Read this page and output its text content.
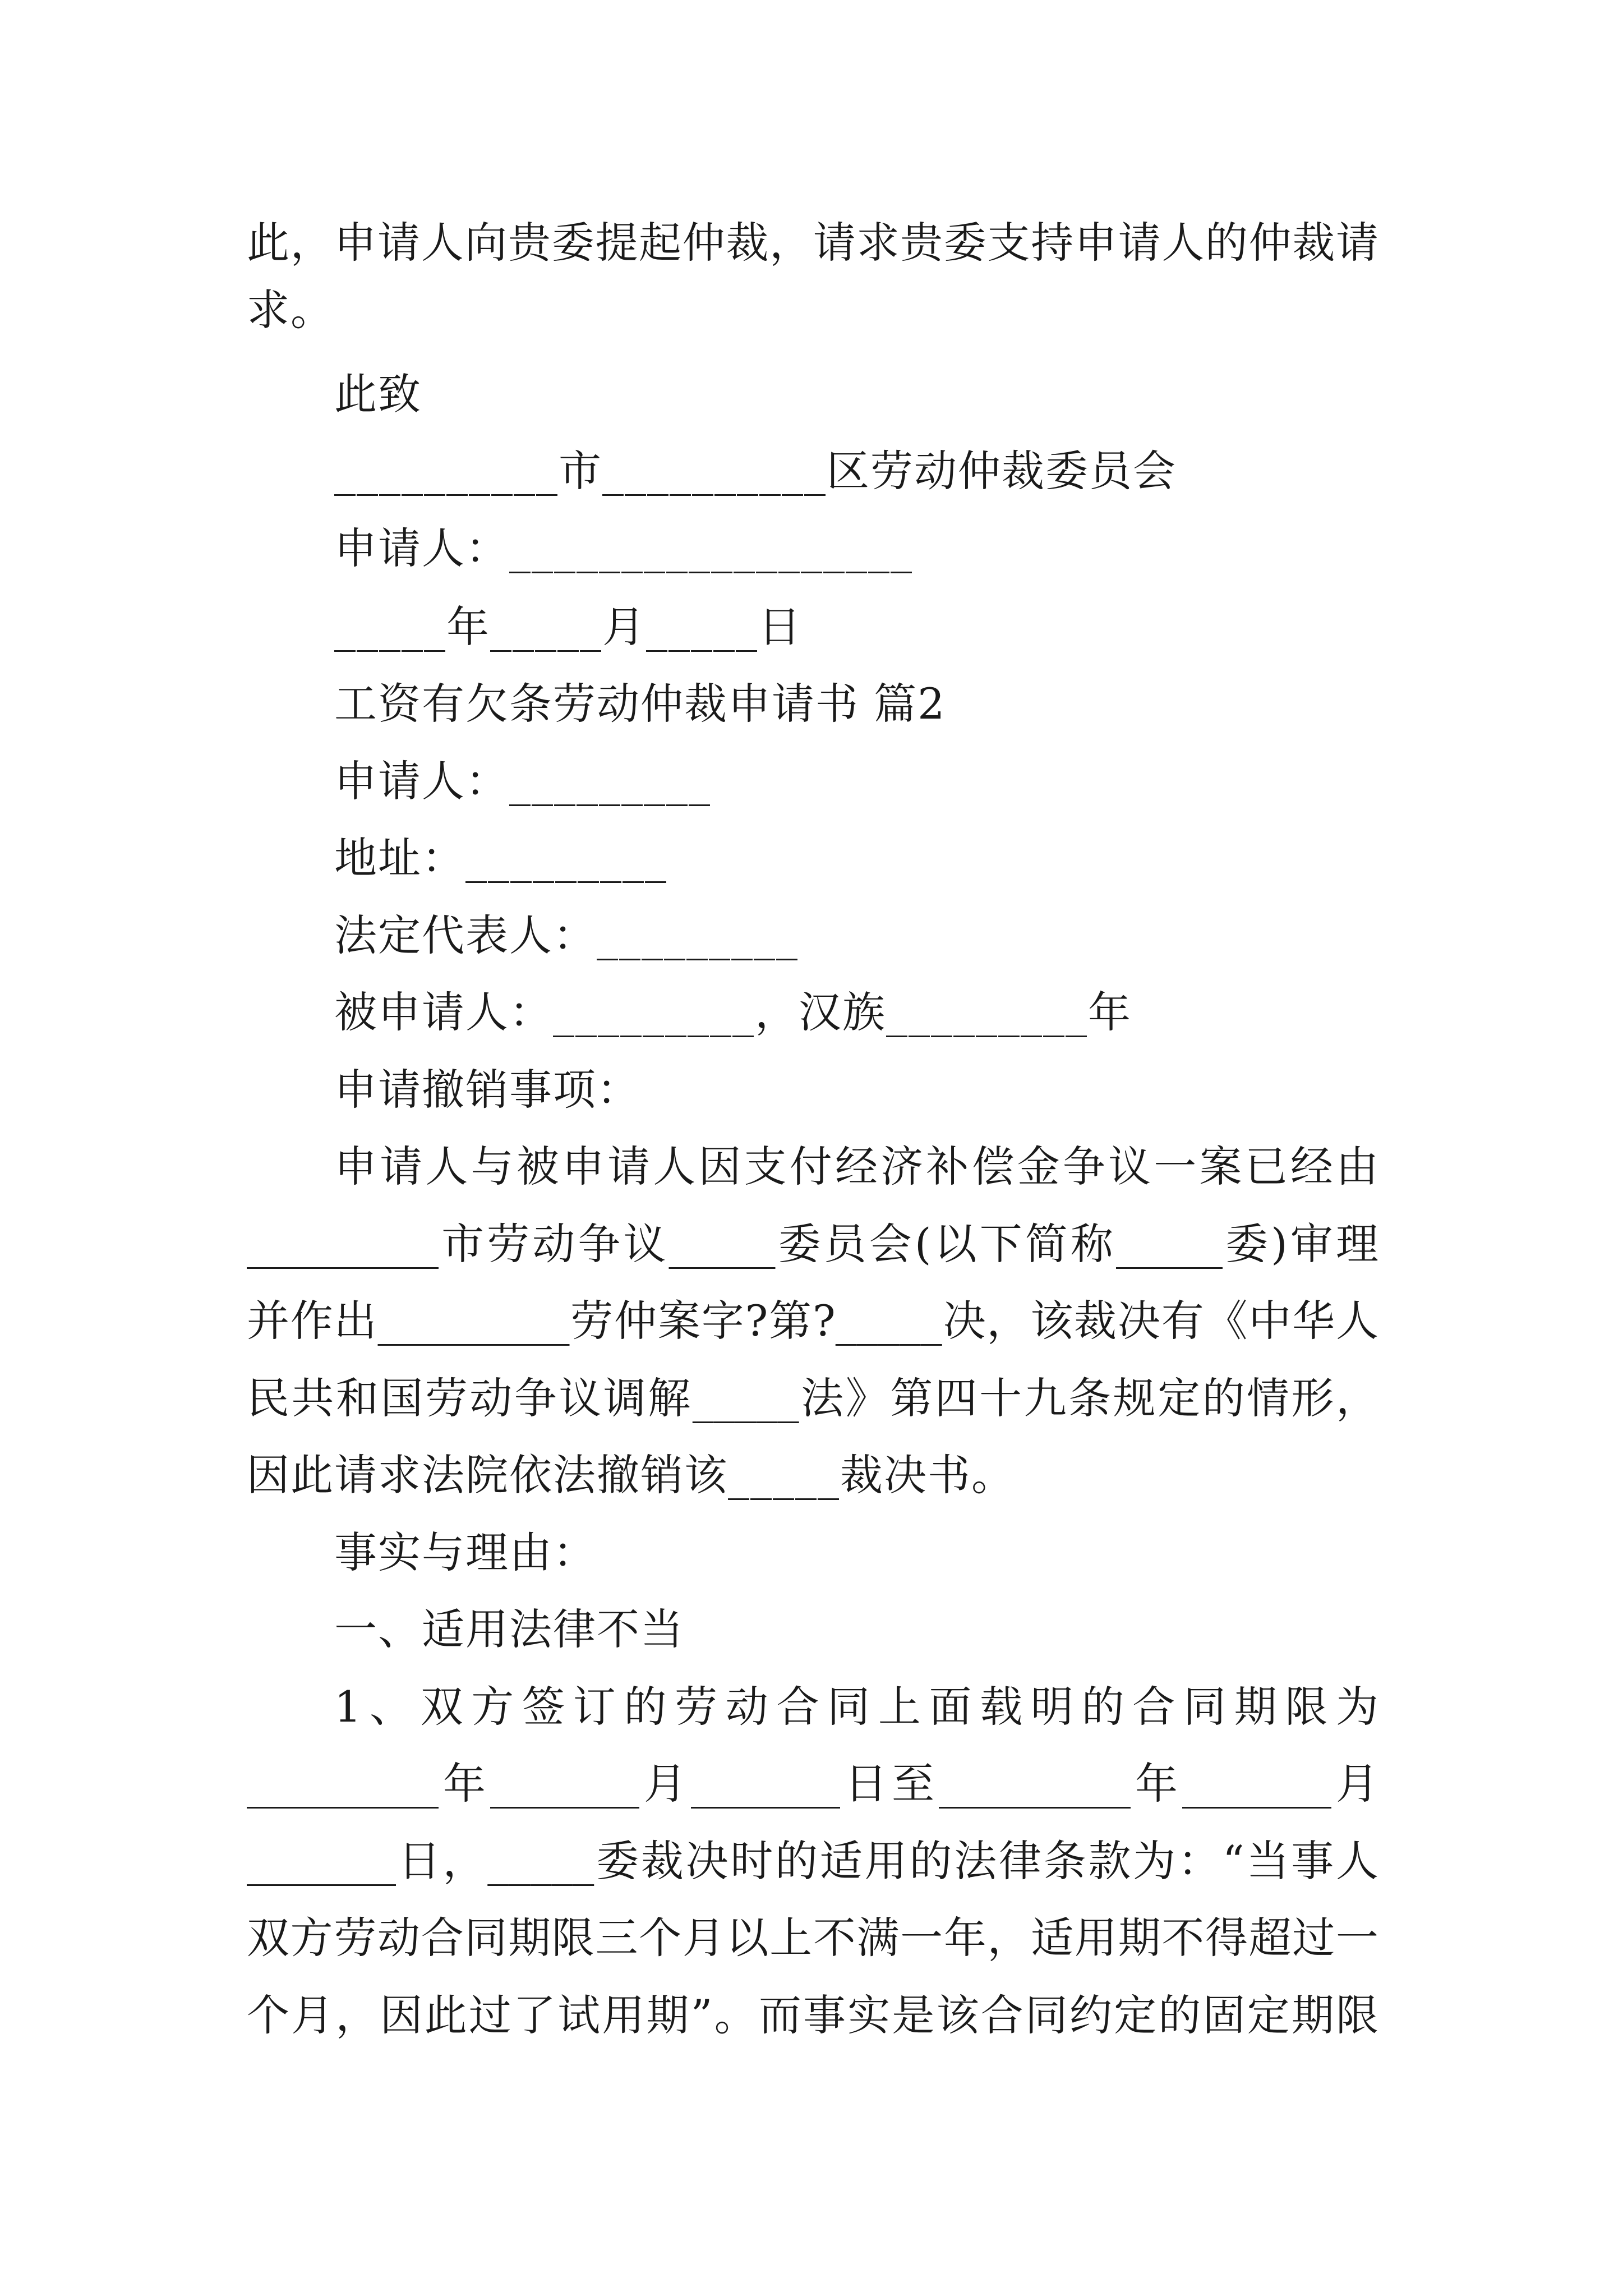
此，申请人向贵委提起仲裁，请求贵委支持申请人的仲裁请
求。
此致
__________市__________区劳动仲裁委员会
申请人：__________________
_____年_____月_____日
工资有欠条劳动仲裁申请书 篇2
申请人：_________
地址：_________
法定代表人：_________
被申请人：_________，汉族_________年
申请撤销事项：
申请人与被申请人因支付经济补偿金争议一案已经由
_________市劳动争议_____委员会(以下简称_____委)审理
并作出_________劳仲案字?第?_____决，该裁决有《中华人
民共和国劳动争议调解_____法》第四十九条规定的情形，
因此请求法院依法撤销该_____裁决书。
事实与理由：
一、适用法律不当
1、双方签订的劳动合同上面载明的合同期限为
_________年_______月_______日至_________年_______月
_______日，_____委裁决时的适用的法律条款为：“当事人
双方劳动合同期限三个月以上不满一年，适用期不得超过一
个月，因此过了试用期”。而事实是该合同约定的固定期限
